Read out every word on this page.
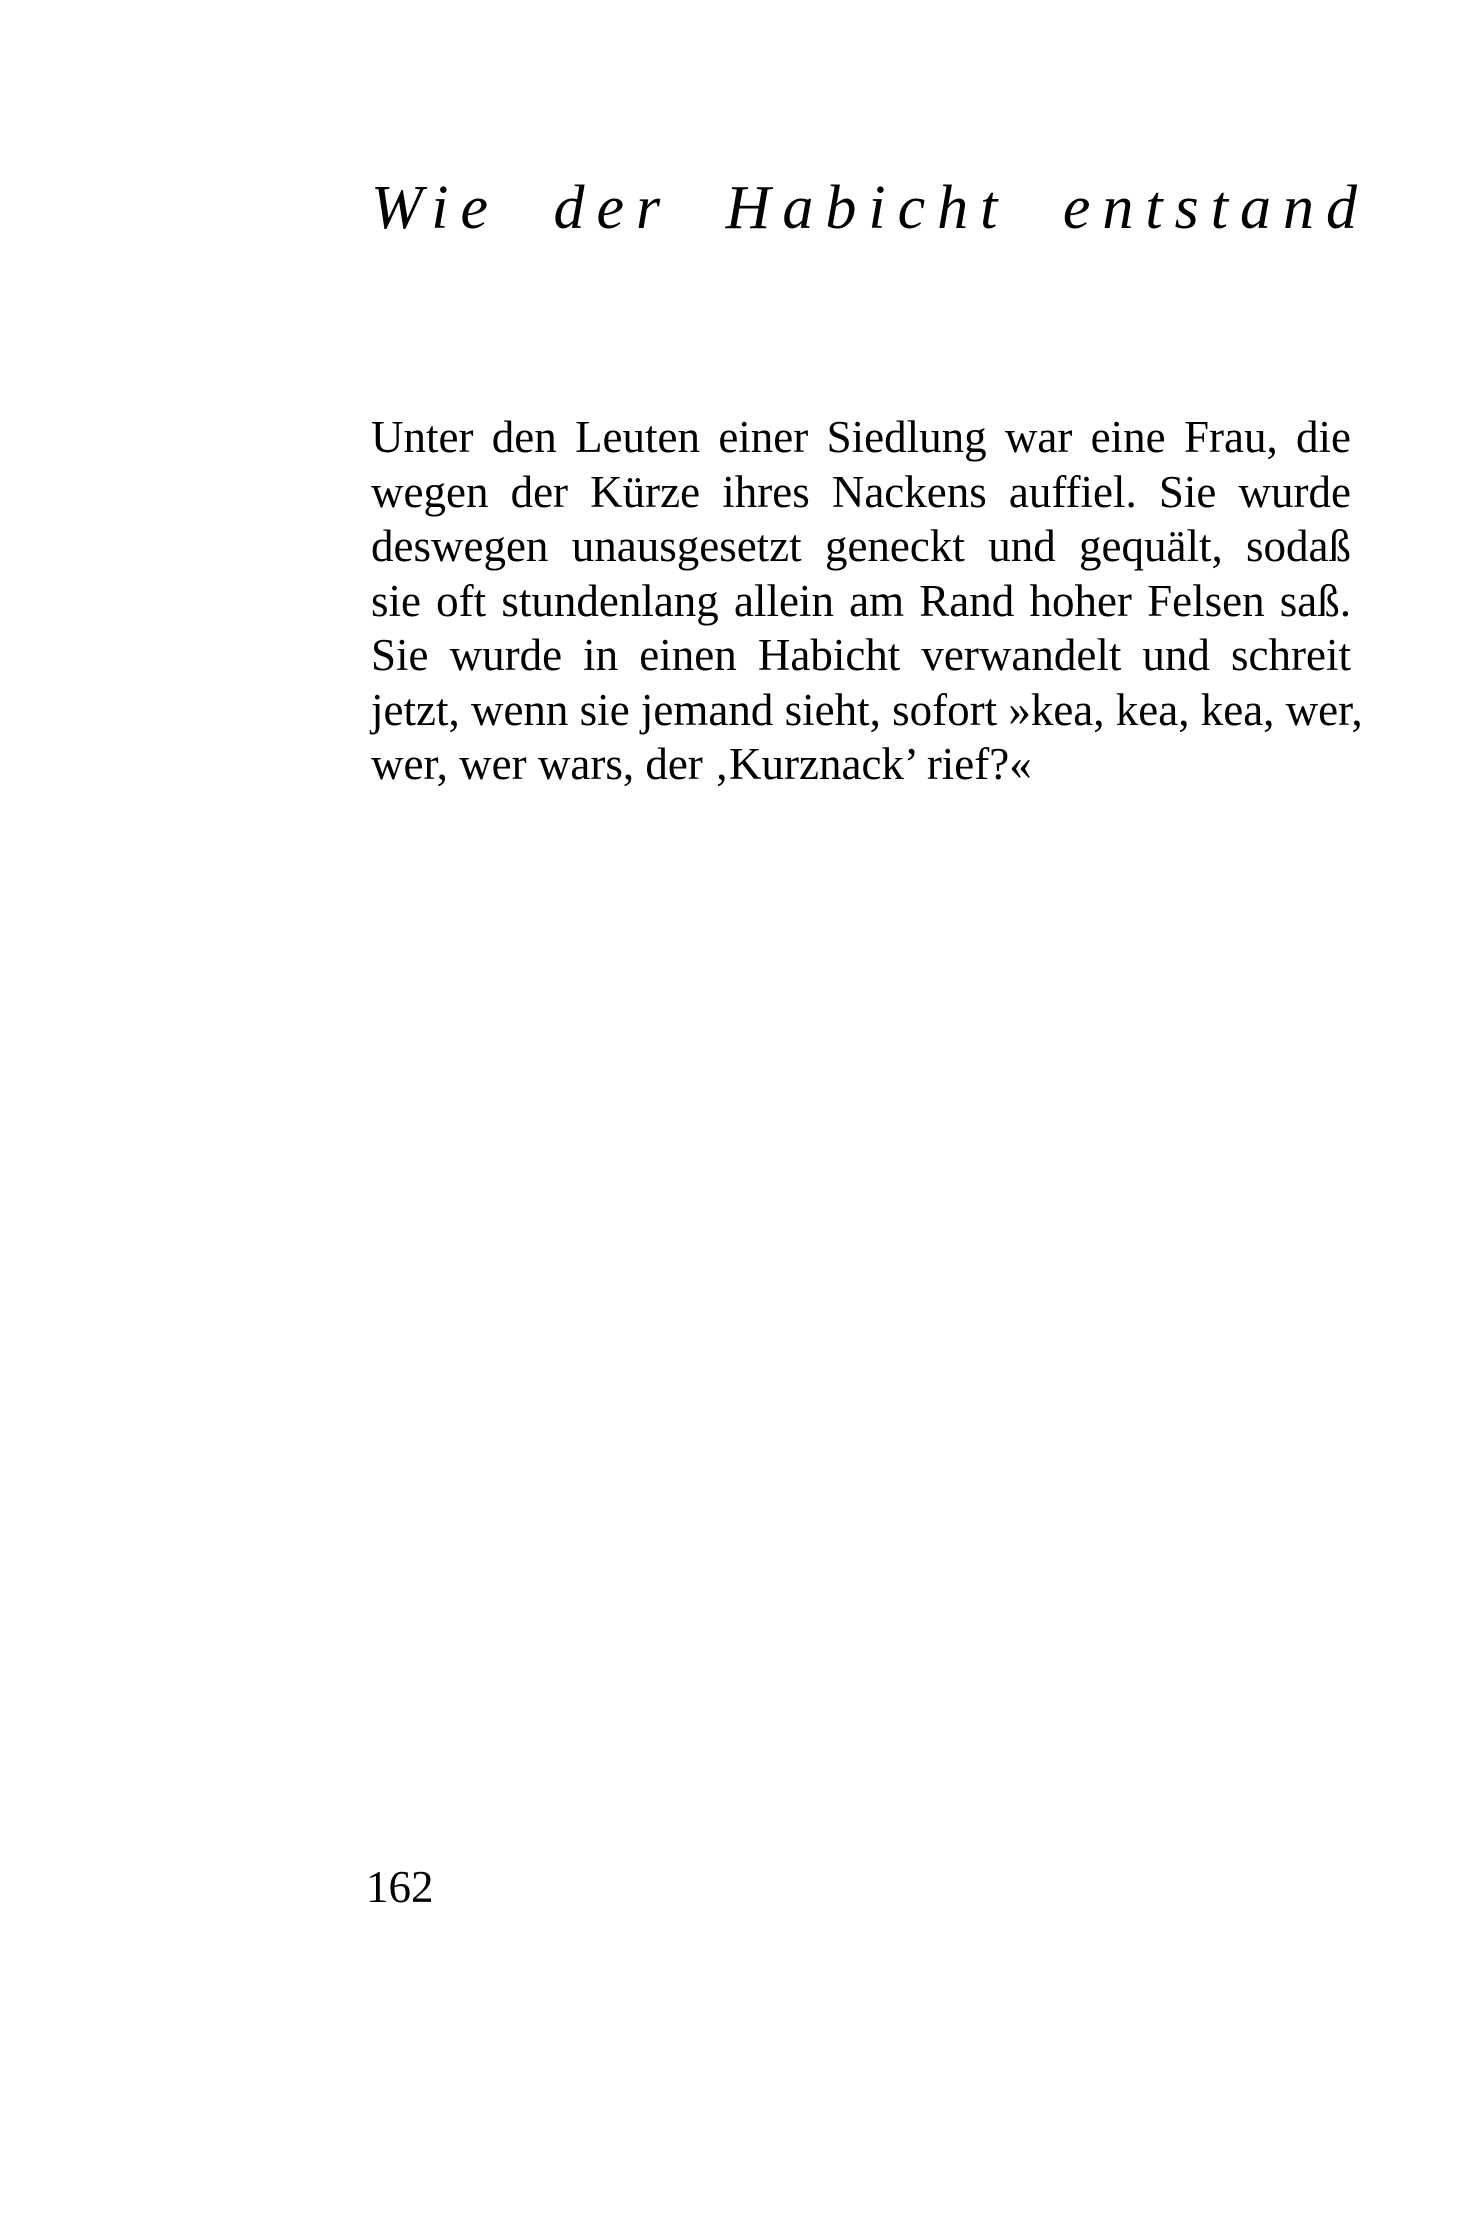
Wie der Habicht entstand
Unter den Leuten einer Siedlung war eine Frau, die
wegen der Kürze ihres Nackens auffiel. Sie wurde
deswegen unausgesetzt geneckt und gequält, sodaß
sie oft stundenlang allein am Rand hoher Felsen saß.
Sie wurde in einen Habicht verwandelt und schreit
jetzt, wenn sie jemand sieht, sofort »kea, kea, kea, wer,
wer, wer wars, der ‚Kurznack’ rief?«
162
